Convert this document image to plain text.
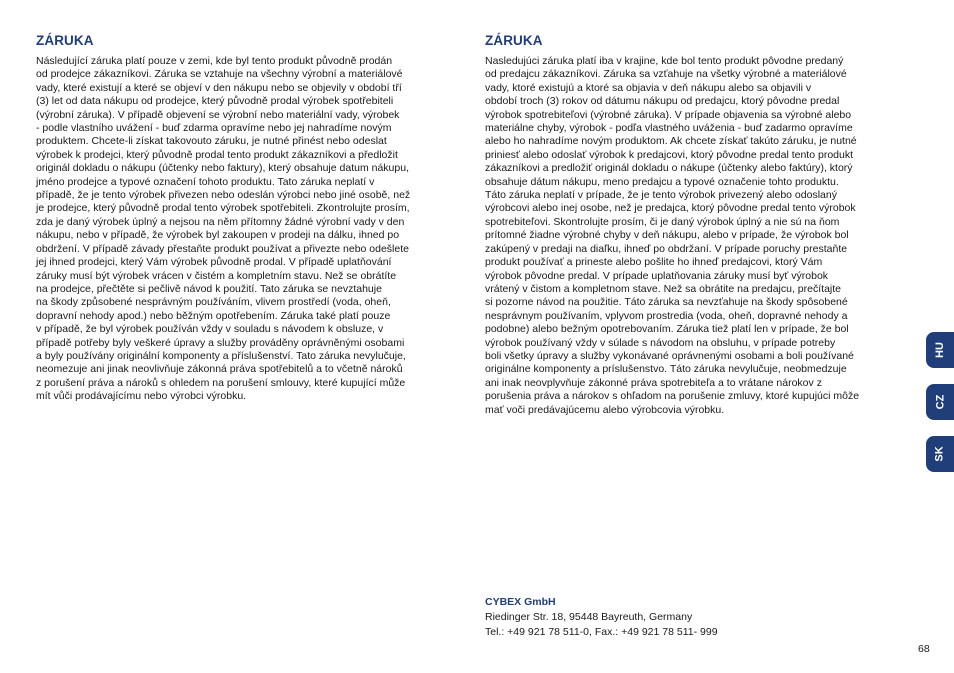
ZÁRUKA
Následující záruka platí pouze v zemi, kde byl tento produkt původně prodán
od prodejce zákazníkovi. Záruka se vztahuje na všechny výrobní a materiálové
vady, které existují a které se objeví v den nákupu nebo se objevily v období tří
(3) let od data nákupu od prodejce, který původně prodal výrobek spotřebiteli
(výrobní záruka). V případě objevení se výrobní nebo materiální vady, výrobek
- podle vlastního uvážení - buď zdarma opravíme nebo jej nahradíme novým
produktem. Chcete-li získat takovouto záruku, je nutné přinést nebo odeslat
výrobek k prodejci, který původně prodal tento produkt zákazníkovi a předložit
originál dokladu o nákupu (účtenky nebo faktury), který obsahuje datum nákupu,
jméno prodejce a typové označení tohoto produktu. Tato záruka neplatí v
případě, že je tento výrobek přivezen nebo odeslán výrobci nebo jiné osobě, než
je prodejce, který původně prodal tento výrobek spotřebiteli. Zkontrolujte prosím,
zda je daný výrobek úplný a nejsou na něm přítomny žádné výrobní vady v den
nákupu, nebo v případě, že výrobek byl zakoupen v prodeji na dálku, ihned po
obdržení. V případě závady přestaňte produkt používat a přivezte nebo odešlete
jej ihned prodejci, který Vám výrobek původně prodal. V případě uplatňování
záruky musí být výrobek vrácen v čistém a kompletním stavu. Než se obrátíte
na prodejce, přečtěte si pečlivě návod k použití. Tato záruka se nevztahuje
na škody způsobené nesprávným používáním, vlivem prostředí (voda, oheň,
dopravní nehody apod.) nebo běžným opotřebením. Záruka také platí pouze
v případě, že byl výrobek používán vždy v souladu s návodem k obsluze, v
případě potřeby byly veškeré úpravy a služby prováděny oprávněnými osobami
a byly používány originální komponenty a příslušenství. Tato záruka nevylučuje,
neomezuje ani jinak neovlivňuje zákonná práva spotřebitelů a to včetně nároků
z porušení práva a nároků s ohledem na porušení smlouvy, které kupující může
mít vůči prodávajícímu nebo výrobci výrobku.
ZÁRUKA
Nasledujúci záruka platí iba v krajine, kde bol tento produkt pôvodne predaný
od predajcu zákazníkovi. Záruka sa vzťahuje na všetky výrobné a materiálové
vady, ktoré existujú a ktoré sa objavia v deň nákupu alebo sa objavili v
období troch (3) rokov od dátumu nákupu od predajcu, ktorý pôvodne predal
výrobok spotrebiteľovi (výrobné záruka). V prípade objavenia sa výrobné alebo
materiálne chyby, výrobok - podľa vlastného uváženia - buď zadarmo opravíme
alebo ho nahradíme novým produktom. Ak chcete získať takúto záruku, je nutné
priniesť alebo odoslať výrobok k predajcovi, ktorý pôvodne predal tento produkt
zákazníkovi a predložiť originál dokladu o nákupe (účtenky alebo faktúry), ktorý
obsahuje dátum nákupu, meno predajcu a typové označenie tohto produktu.
Táto záruka neplatí v prípade, že je tento výrobok privezený alebo odoslaný
výrobcovi alebo inej osobe, než je predajca, ktorý pôvodne predal tento výrobok
spotrebiteľovi. Skontrolujte prosím, či je daný výrobok úplný a nie sú na ňom
prítomné žiadne výrobné chyby v deň nákupu, alebo v prípade, že výrobok bol
zakúpený v predaji na diaľku, ihneď po obdržaní. V prípade poruchy prestaňte
produkt používať a prineste alebo pošlite ho ihneď predajcovi, ktorý Vám
výrobok pôvodne predal. V prípade uplatňovania záruky musí byť výrobok
vrátený v čistom a kompletnom stave. Než sa obrátite na predajcu, prečítajte
si pozorne návod na použitie. Táto záruka sa nevzťahuje na škody spôsobené
nesprávnym používaním, vplyvom prostredia (voda, oheň, dopravné nehody a
podobne) alebo bežným opotrebovaním. Záruka tiež platí len v prípade, že bol
výrobok používaný vždy v súlade s návodom na obsluhu, v prípade potreby
boli všetky úpravy a služby vykonávané oprávnenými osobami a boli používané
originálne komponenty a príslušenstvo. Táto záruka nevylučuje, neobmedzuje
ani inak neovplyvňuje zákonné práva spotrebiteľa a to vrátane nárokov z
porušenia práva a nárokov s ohľadom na porušenie zmluvy, ktoré kupujúci môže
mať voči predávajúcemu alebo výrobcovia výrobku.
CYBEX GmbH
Riedinger Str. 18, 95448 Bayreuth, Germany
Tel.: +49 921 78 511-0, Fax.: +49 921 78 511- 999
68
HU
CZ
SK
